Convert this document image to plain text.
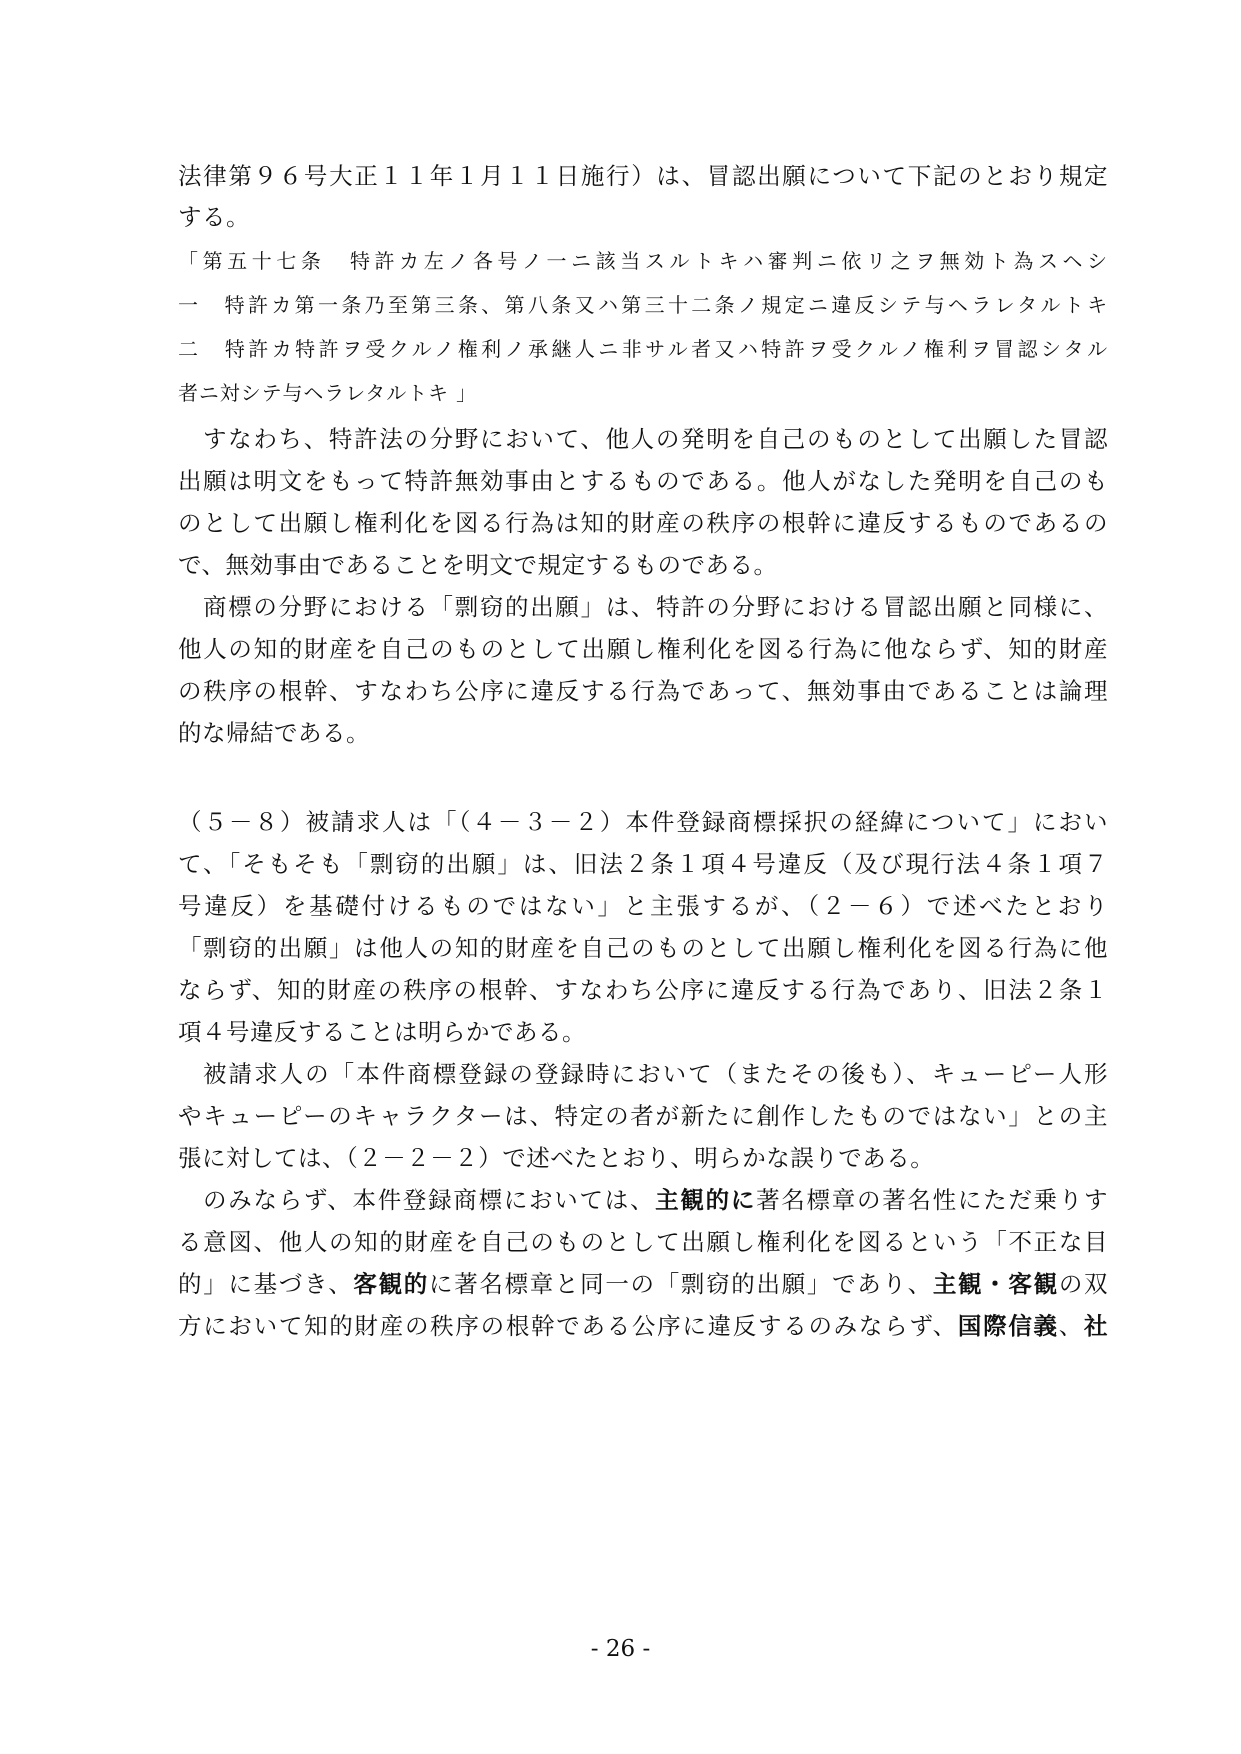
法律第９６号大正１１年１月１１日施行）は、冒認出願について下記のとおり規定
する。
「第五十七条　特許カ左ノ各号ノ一ニ該当スルトキハ審判ニ依リ之ヲ無効ト為スヘシ
一　特許カ第一条乃至第三条、第八条又ハ第三十二条ノ規定ニ違反シテ与ヘラレタルトキ
二　特許カ特許ヲ受クルノ権利ノ承継人ニ非サル者又ハ特許ヲ受クルノ権利ヲ冒認シタル
者ニ対シテ与ヘラレタルトキ 」
すなわち、特許法の分野において、他人の発明を自己のものとして出願した冒認
出願は明文をもって特許無効事由とするものである。他人がなした発明を自己のも
のとして出願し権利化を図る行為は知的財産の秩序の根幹に違反するものであるの
で、無効事由であることを明文で規定するものである。
商標の分野における「剽窃的出願」は、特許の分野における冒認出願と同様に、
他人の知的財産を自己のものとして出願し権利化を図る行為に他ならず、知的財産
の秩序の根幹、すなわち公序に違反する行為であって、無効事由であることは論理
的な帰結である。
（５－８）被請求人は「（４－３－２）本件登録商標採択の経緯について」におい
て、「そもそも「剽窃的出願」は、旧法２条１項４号違反（及び現行法４条１項７
号違反）を基礎付けるものではない」と主張するが、（２－６）で述べたとおり
「剽窃的出願」は他人の知的財産を自己のものとして出願し権利化を図る行為に他
ならず、知的財産の秩序の根幹、すなわち公序に違反する行為であり、旧法２条１
項４号違反することは明らかである。
被請求人の「本件商標登録の登録時において（またその後も）、キューピー人形
やキューピーのキャラクターは、特定の者が新たに創作したものではない」との主
張に対しては、（２－２－２）で述べたとおり、明らかな誤りである。
のみならず、本件登録商標においては、主観的に著名標章の著名性にただ乗りす
る意図、他人の知的財産を自己のものとして出願し権利化を図るという「不正な目
的」に基づき、客観的に著名標章と同一の「剽窃的出願」であり、主観・客観の双
方において知的財産の秩序の根幹である公序に違反するのみならず、国際信義、社
- 26 -
